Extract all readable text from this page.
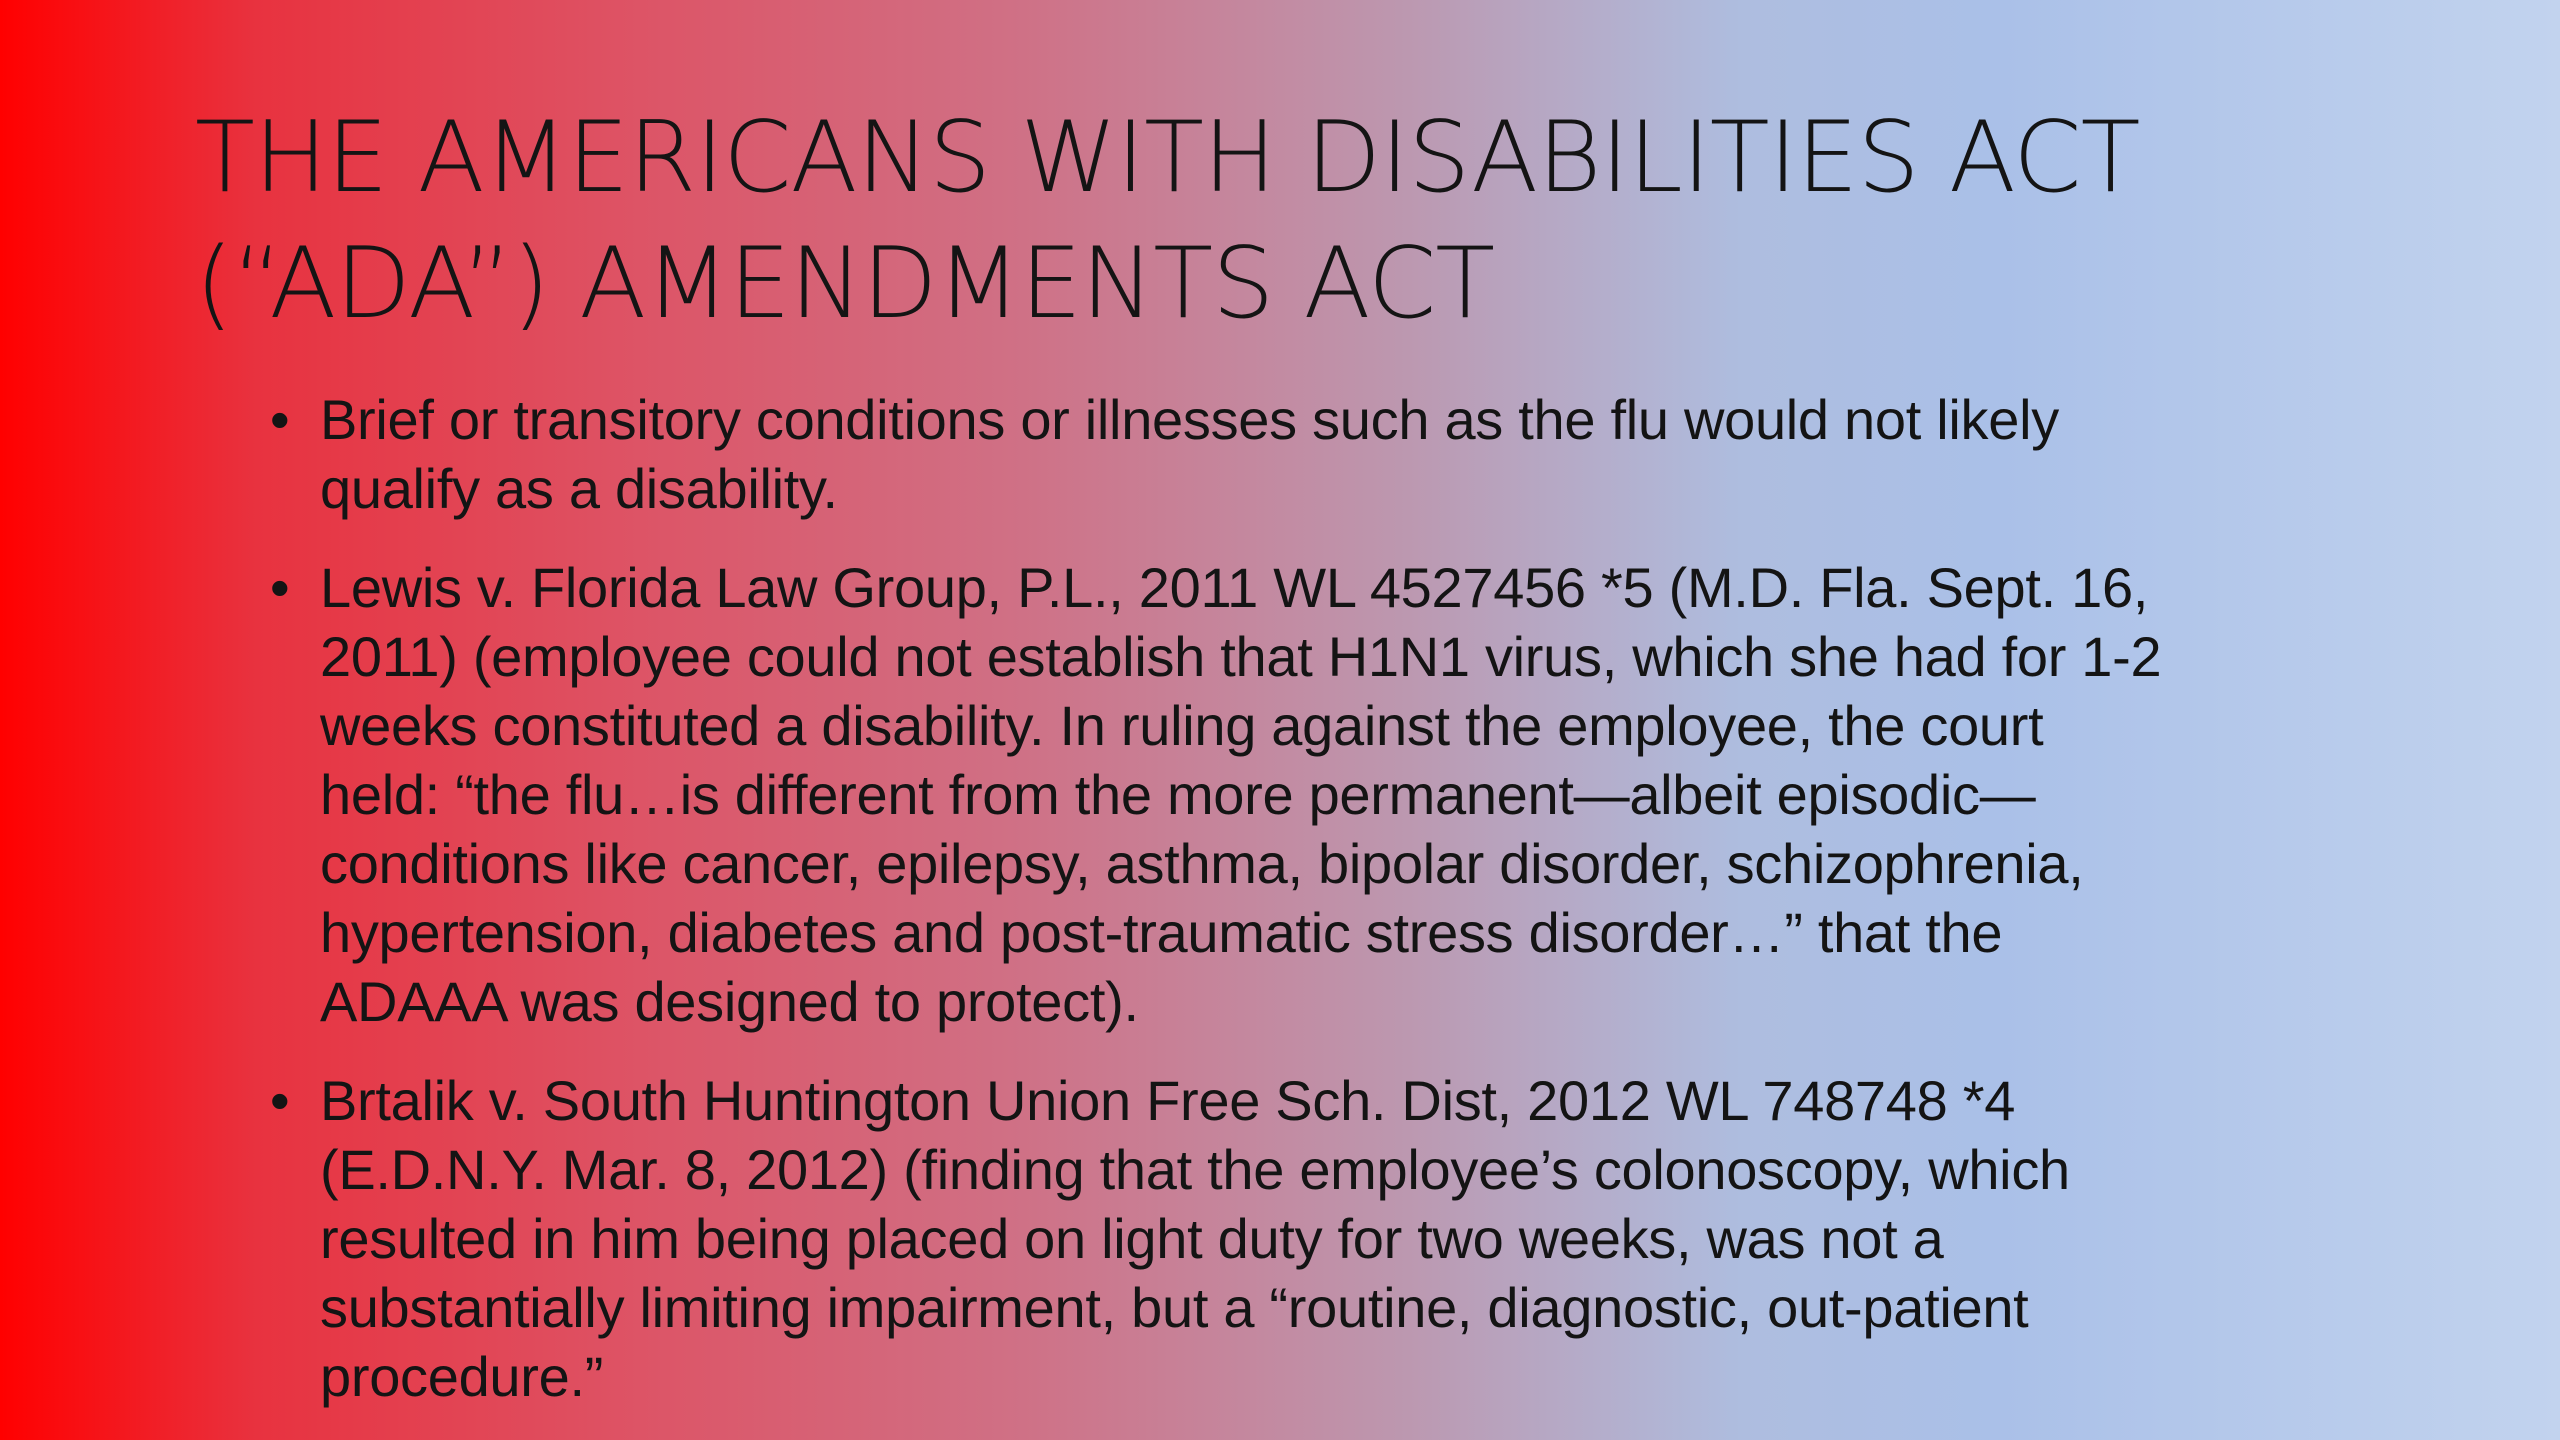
THE AMERICANS WITH DISABILITIES ACT
(“ADA”) AMENDMENTS ACT
• Brief or transitory conditions or illnesses such as the flu would not likely
qualify as a disability.
• Lewis v. Florida Law Group, P.L., 2011 WL 4527456 *5 (M.D. Fla. Sept. 16,
2011) (employee could not establish that H1N1 virus, which she had for 1-2
weeks constituted a disability. In ruling against the employee, the court
held: “the flu…is different from the more permanent—albeit episodic—
conditions like cancer, epilepsy, asthma, bipolar disorder, schizophrenia,
hypertension, diabetes and post-traumatic stress disorder…” that the
ADAAA was designed to protect).
• Brtalik v. South Huntington Union Free Sch. Dist, 2012 WL 748748 *4
(E.D.N.Y. Mar. 8, 2012) (finding that the employee’s colonoscopy, which
resulted in him being placed on light duty for two weeks, was not a
substantially limiting impairment, but a “routine, diagnostic, out-patient
procedure.”
